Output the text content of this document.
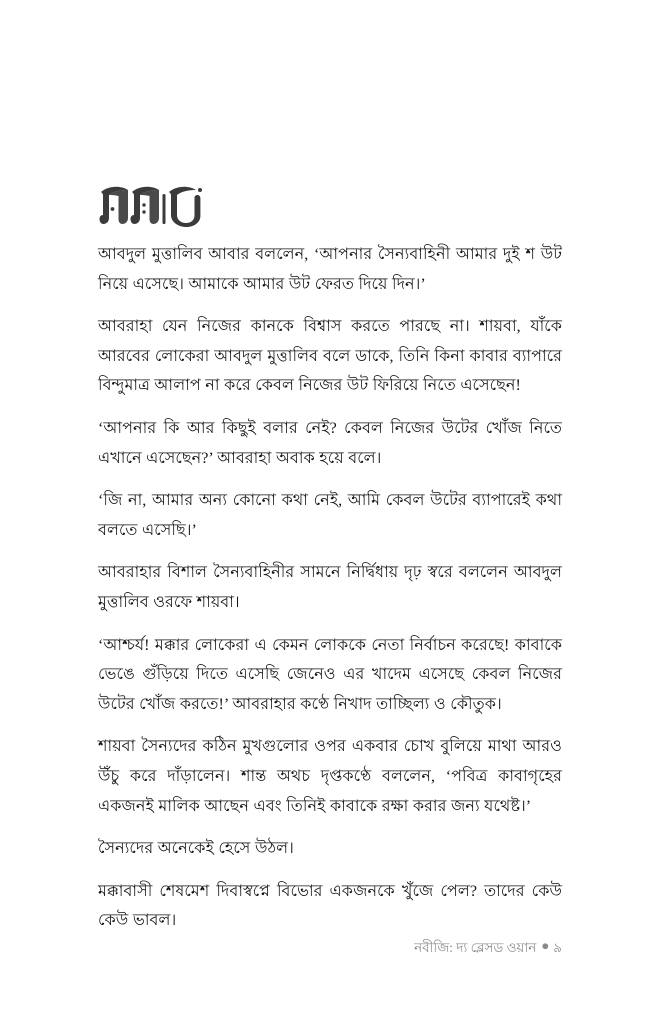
আবদুল মুত্তালিব আবার বললেন, ‘আপনার সৈন্যবাহিনী আমার দুই শ উট নিয়ে এসেছে। আমাকে আমার উট ফেরত দিয়ে দিন।’

আবরাহা যেন নিজের কানকে বিশ্বাস করতে পারছে না। শায়বা, যাঁকে আরবের লোকেরা আবদুল মুত্তালিব বলে ডাকে, তিনি কিনা কাবার ব্যাপারে বিন্দুমাত্র আলাপ না করে কেবল নিজের উট ফিরিয়ে নিতে এসেছেন!

‘আপনার কি আর কিছুই বলার নেই? কেবল নিজের উটের খোঁজ নিতে এখানে এসেছেন?’ আবরাহা অবাক হয়ে বলে।

‘জি না, আমার অন্য কোনো কথা নেই, আমি কেবল উটের ব্যাপারেই কথা বলতে এসেছি।’

আবরাহার বিশাল সৈন্যবাহিনীর সামনে নির্দ্বিধায় দৃঢ় স্বরে বললেন আবদুল মুত্তালিব ওরফে শায়বা।

‘আশ্চর্য! মক্কার লোকেরা এ কেমন লোককে নেতা নির্বাচন করেছে! কাবাকে ভেঙে গুঁড়িয়ে দিতে এসেছি জেনেও এর খাদেম এসেছে কেবল নিজের উটের খোঁজ করতে!’ আবরাহার কণ্ঠে নিখাদ তাচ্ছিল্য ও কৌতুক।

শায়বা সৈন্যদের কঠিন মুখগুলোর ওপর একবার চোখ বুলিয়ে মাথা আরও উঁচু করে দাঁড়ালেন। শান্ত অথচ দৃপ্তকণ্ঠে বললেন, ‘পবিত্র কাবাগৃহের একজনই মালিক আছেন এবং তিনিই কাবাকে রক্ষা করার জন্য যথেষ্ট।’

সৈন্যদের অনেকেই হেসে উঠল।

মক্কাবাসী শেষমেশ দিবাস্বপ্নে বিভোর একজনকে খুঁজে পেল? তাদের কেউ কেউ ভাবল।

নবীজি: দ্য ব্লেসড ওয়ান ● ৯
